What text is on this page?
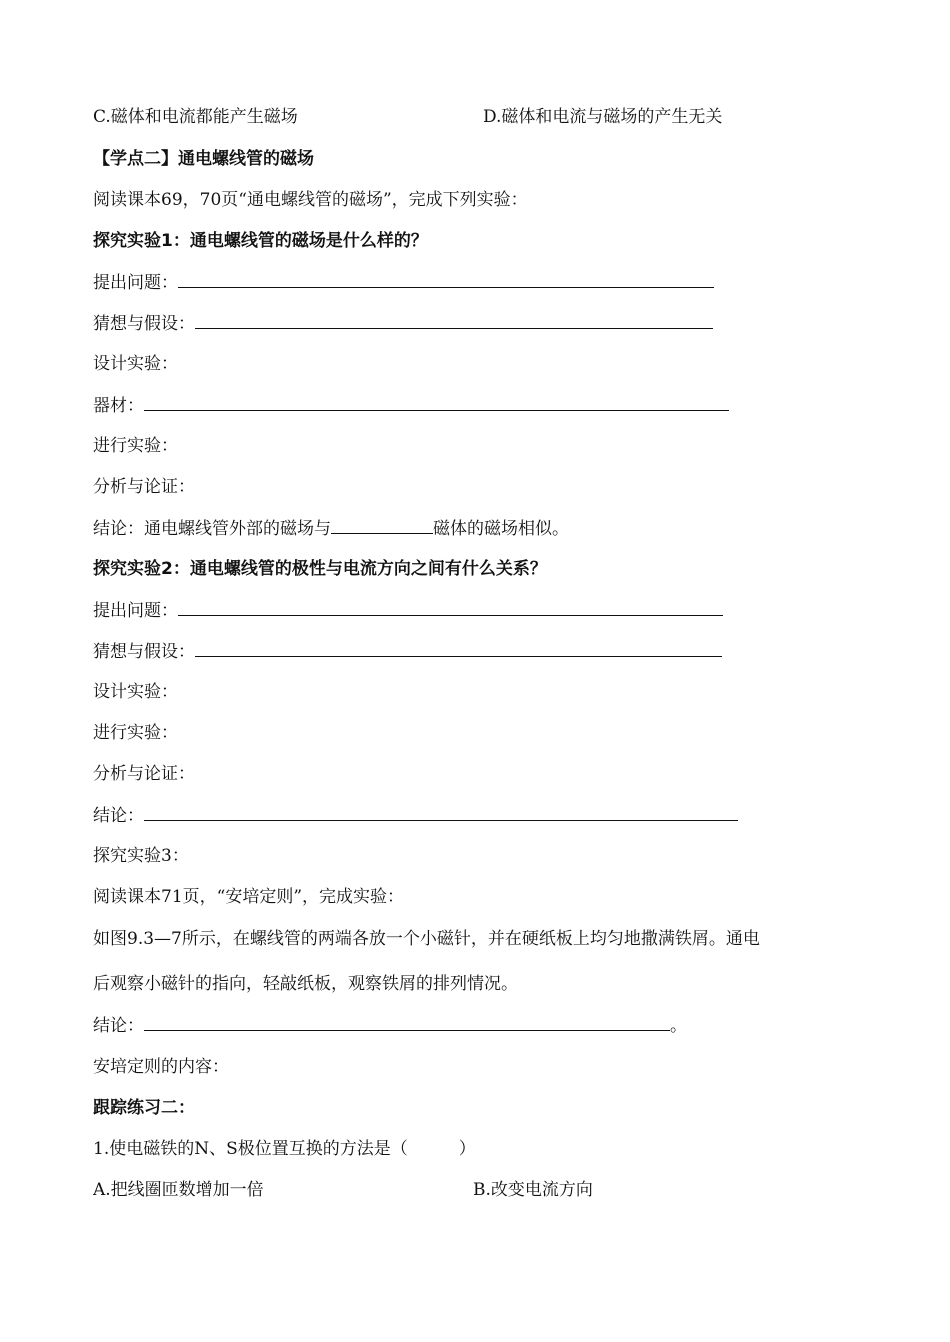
C.磁体和电流都能产生磁场	D.磁体和电流与磁场的产生无关
【学点二】通电螺线管的磁场
阅读课本69，70页“通电螺线管的磁场”，完成下列实验：
探究实验1：通电螺线管的磁场是什么样的？
提出问题：
猜想与假设：
设计实验：
器材：
进行实验：
分析与论证：
结论：通电螺线管外部的磁场与	磁体的磁场相似。
探究实验2：通电螺线管的极性与电流方向之间有什么关系？
提出问题：
猜想与假设：
设计实验：
进行实验：
分析与论证：
结论：
探究实验3：
阅读课本71页，“安培定则”，完成实验：
如图9.3—7所示，在螺线管的两端各放一个小磁针，并在硬纸板上均匀地撒满铁屑。通电
后观察小磁针的指向，轻敲纸板，观察铁屑的排列情况。
结论：	。
安培定则的内容：
跟踪练习二：
1.使电磁铁的N、S极位置互换的方法是（　　　）
A.把线圈匝数增加一倍	B.改变电流方向
